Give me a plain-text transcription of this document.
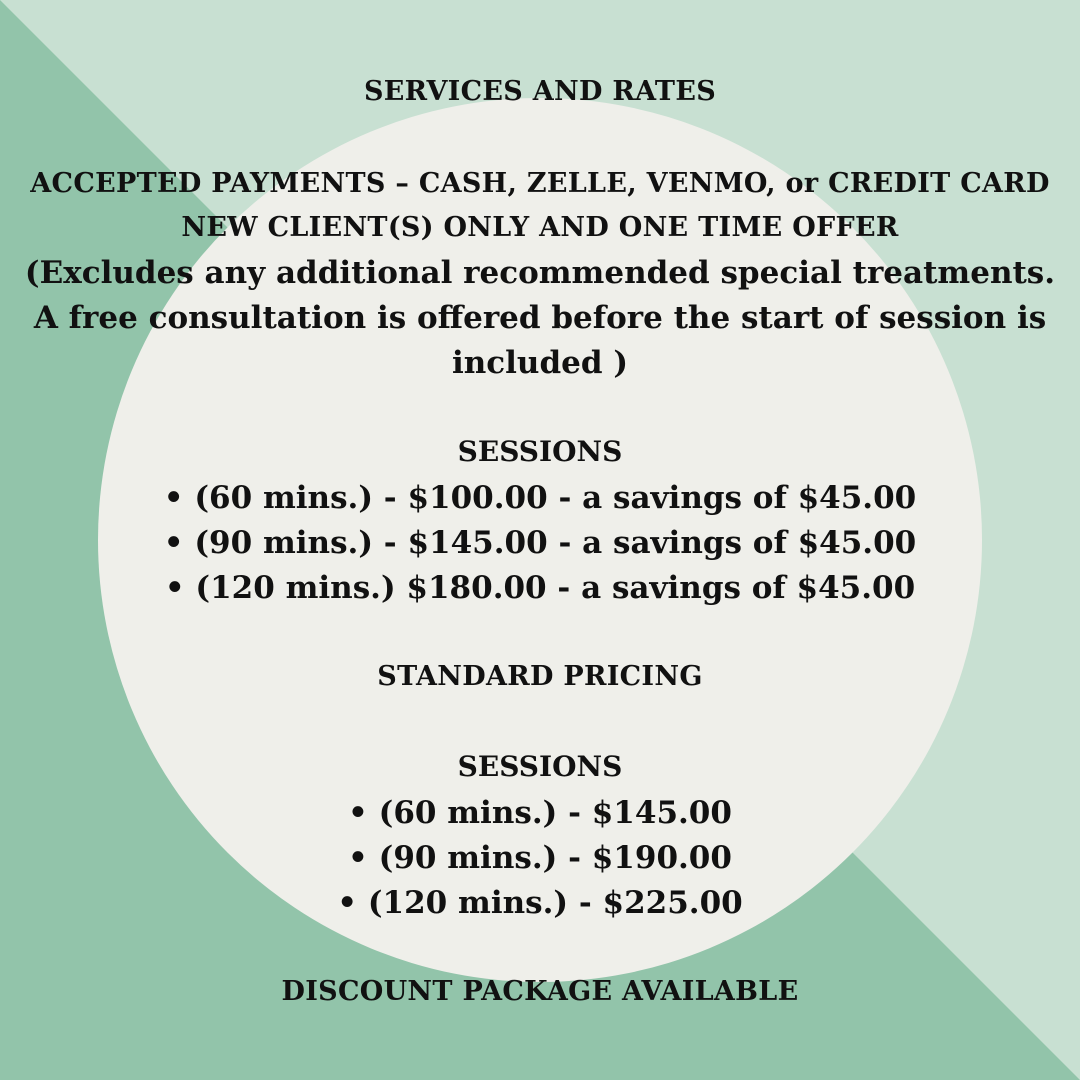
SERVICES AND RATES
ACCEPTED PAYMENTS – CASH, ZELLE, VENMO, or CREDIT CARD
NEW CLIENT(S) ONLY AND ONE TIME OFFER
(Excludes any additional recommended special treatments.
A free consultation is offered before the start of session is
included )
SESSIONS
• (60 mins.) - $100.00 - a savings of $45.00
• (90 mins.) - $145.00 - a savings of $45.00
• (120 mins.) $180.00 - a savings of $45.00
STANDARD PRICING
SESSIONS
• (60 mins.) - $145.00
• (90 mins.) - $190.00
• (120 mins.) - $225.00
DISCOUNT PACKAGE AVAILABLE
